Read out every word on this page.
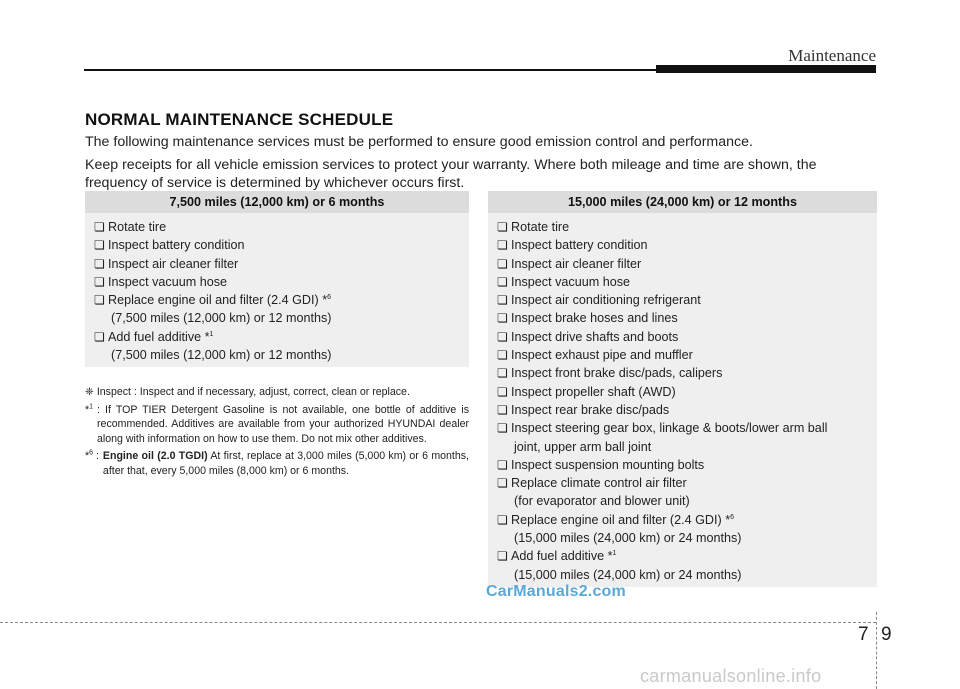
Maintenance
NORMAL MAINTENANCE SCHEDULE
The following maintenance services must be performed to ensure good emission control and performance.
Keep receipts for all vehicle emission services to protect your warranty. Where both mileage and time are shown, the frequency of service is determined by whichever occurs first.
7,500 miles (12,000 km) or 6 months
❏ Rotate tire
❏ Inspect battery condition
❏ Inspect air cleaner filter
❏ Inspect vacuum hose
❏ Replace engine oil and filter (2.4 GDI) *$^6$
(7,500 miles (12,000 km) or 12 months)
❏ Add fuel additive *$^1$
(7,500 miles (12,000 km) or 12 months)
15,000 miles (24,000 km) or 12 months
❏ Rotate tire
❏ Inspect battery condition
❏ Inspect air cleaner filter
❏ Inspect vacuum hose
❏ Inspect air conditioning refrigerant
❏ Inspect brake hoses and lines
❏ Inspect drive shafts and boots
❏ Inspect exhaust pipe and muffler
❏ Inspect front brake disc/pads, calipers
❏ Inspect propeller shaft (AWD)
❏ Inspect rear brake disc/pads
❏ Inspect steering gear box, linkage & boots/lower arm ball
joint, upper arm ball joint
❏ Inspect suspension mounting bolts
❏ Replace climate control air filter
(for evaporator and blower unit)
❏ Replace engine oil and filter (2.4 GDI) *$^6$
(15,000 miles (24,000 km) or 24 months)
❏ Add fuel additive *$^1$
(15,000 miles (24,000 km) or 24 months)
❈ Inspect : Inspect and if necessary, adjust, correct, clean or replace.
*$^1$ : If TOP TIER Detergent Gasoline is not available, one bottle of additive is recommended. Additives are available from your authorized HYUNDAI dealer along with information on how to use them. Do not mix other additives.
*$^6$ : Engine oil (2.0 TGDI) At first, replace at 3,000 miles (5,000 km) or 6 months, after that, every 5,000 miles (8,000 km) or 6 months.
CarManuals2.com
7 9
carmanualsonline.info
